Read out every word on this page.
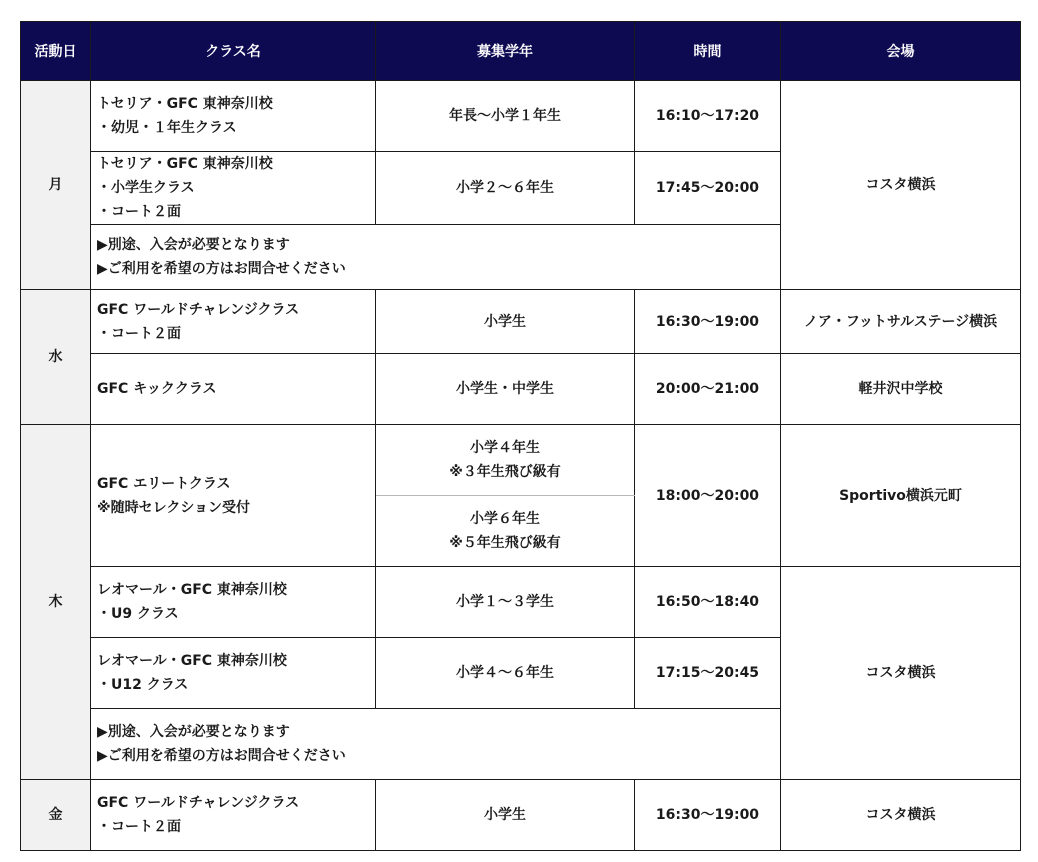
活動日	クラス名	募集学年	時間	会場
月	トセリア・GFC 東神奈川校
・幼児・１年生クラス	年長～小学１年生	16:10～17:20	コスタ横浜

	トセリア・GFC 東神奈川校
・小学生クラス
・コート２面	小学２～６年生	17:45～20:00	

	▶別途、入会が必要となります
▶ご利用を希望の方はお問合せください			

水	GFC ワールドチャレンジクラス
・コート２面	小学生	16:30～19:00	ノア・フットサルステージ横浜

	GFC キッククラス	小学生・中学生	20:00～21:00	軽井沢中学校
木	GFC エリートクラス
※随時セレクション受付	小学４年生
※３年生飛び級有	18:00～20:00	Sportivo横浜元町

		小学６年生
※５年生飛び級有		

	レオマール・GFC 東神奈川校
・U9 クラス	小学１～３学生	16:50～18:40	コスタ横浜

	レオマール・GFC 東神奈川校
・U12 クラス	小学４～６年生	17:15～20:45	

	▶別途、入会が必要となります
▶ご利用を希望の方はお問合せください			

金	GFC ワールドチャレンジクラス
・コート２面	小学生	16:30～19:00	コスタ横浜
